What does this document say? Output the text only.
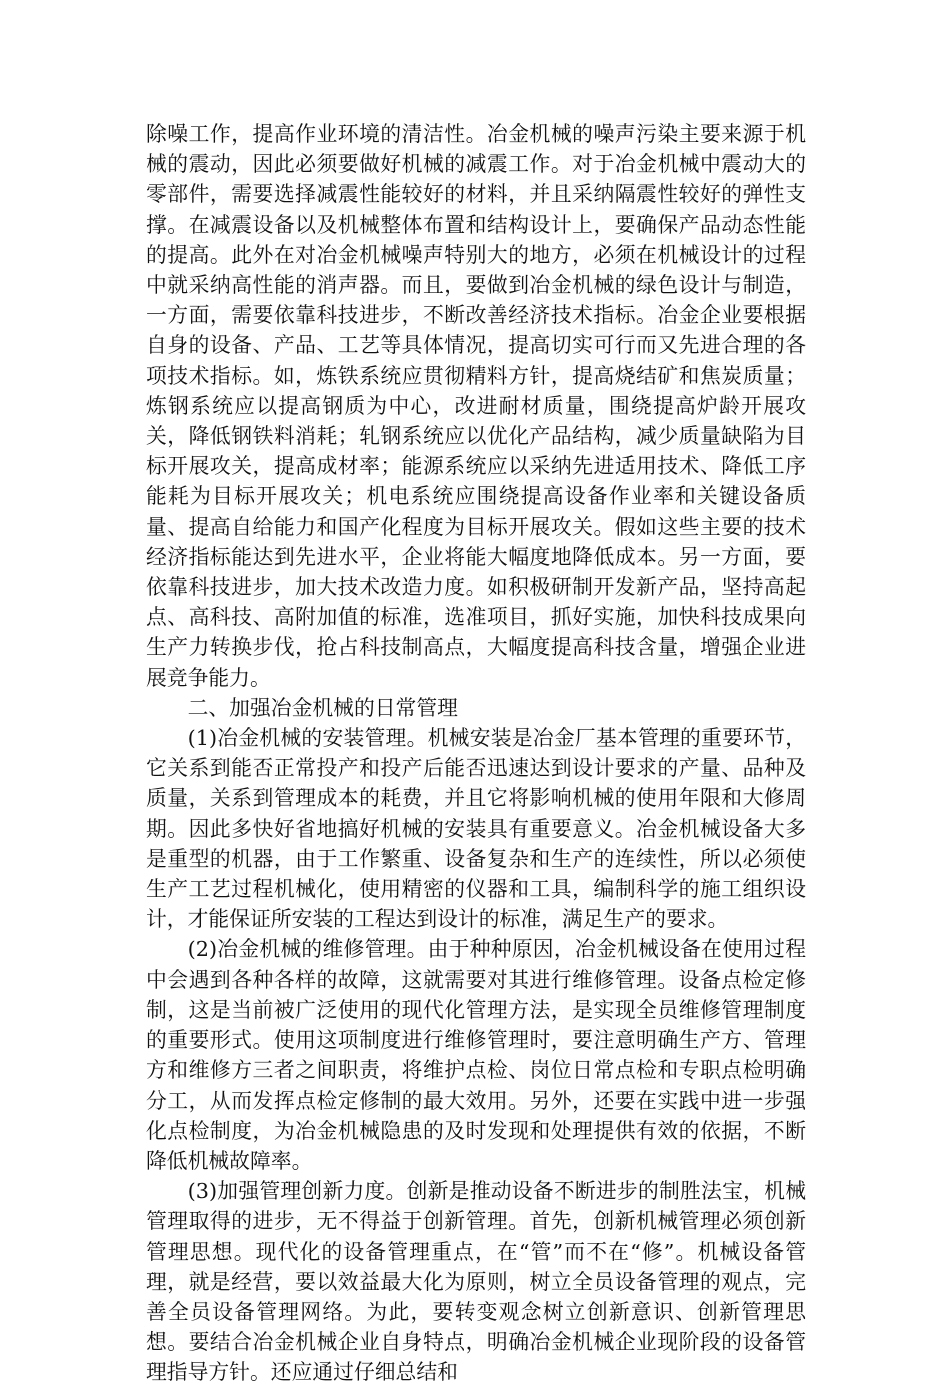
除噪工作，提高作业环境的清洁性。冶金机械的噪声污染主要来源于机械的震动，因此必须要做好机械的减震工作。对于冶金机械中震动大的零部件，需要选择减震性能较好的材料，并且采纳隔震性较好的弹性支撑。在减震设备以及机械整体布置和结构设计上，要确保产品动态性能的提高。此外在对冶金机械噪声特别大的地方，必须在机械设计的过程中就采纳高性能的消声器。而且，要做到冶金机械的绿色设计与制造，一方面，需要依靠科技进步，不断改善经济技术指标。冶金企业要根据自身的设备、产品、工艺等具体情况，提高切实可行而又先进合理的各项技术指标。如，炼铁系统应贯彻精料方针，提高烧结矿和焦炭质量；炼钢系统应以提高钢质为中心，改进耐材质量，围绕提高炉龄开展攻关，降低钢铁料消耗；轧钢系统应以优化产品结构，减少质量缺陷为目标开展攻关，提高成材率；能源系统应以采纳先进适用技术、降低工序能耗为目标开展攻关；机电系统应围绕提高设备作业率和关键设备质量、提高自给能力和国产化程度为目标开展攻关。假如这些主要的技术经济指标能达到先进水平，企业将能大幅度地降低成本。另一方面，要依靠科技进步，加大技术改造力度。如积极研制开发新产品，坚持高起点、高科技、高附加值的标准，选准项目，抓好实施，加快科技成果向生产力转换步伐，抢占科技制高点，大幅度提高科技含量，增强企业进展竞争能力。

二、加强冶金机械的日常管理

(1)冶金机械的安装管理。机械安装是冶金厂基本管理的重要环节，它关系到能否正常投产和投产后能否迅速达到设计要求的产量、品种及质量，关系到管理成本的耗费，并且它将影响机械的使用年限和大修周期。因此多快好省地搞好机械的安装具有重要意义。冶金机械设备大多是重型的机器，由于工作繁重、设备复杂和生产的连续性，所以必须使生产工艺过程机械化，使用精密的仪器和工具，编制科学的施工组织设计，才能保证所安装的工程达到设计的标准，满足生产的要求。

(2)冶金机械的维修管理。由于种种原因，冶金机械设备在使用过程中会遇到各种各样的故障，这就需要对其进行维修管理。设备点检定修制，这是当前被广泛使用的现代化管理方法，是实现全员维修管理制度的重要形式。使用这项制度进行维修管理时，要注意明确生产方、管理方和维修方三者之间职责，将维护点检、岗位日常点检和专职点检明确分工，从而发挥点检定修制的最大效用。另外，还要在实践中进一步强化点检制度，为冶金机械隐患的及时发现和处理提供有效的依据，不断降低机械故障率。

(3)加强管理创新力度。创新是推动设备不断进步的制胜法宝，机械管理取得的进步，无不得益于创新管理。首先，创新机械管理必须创新管理思想。现代化的设备管理重点，在“管”而不在“修”。机械设备管理，就是经营，要以效益最大化为原则，树立全员设备管理的观点，完善全员设备管理网络。为此，要转变观念树立创新意识、创新管理思想。要结合冶金机械企业自身特点，明确冶金机械企业现阶段的设备管理指导方针。还应通过仔细总结和
